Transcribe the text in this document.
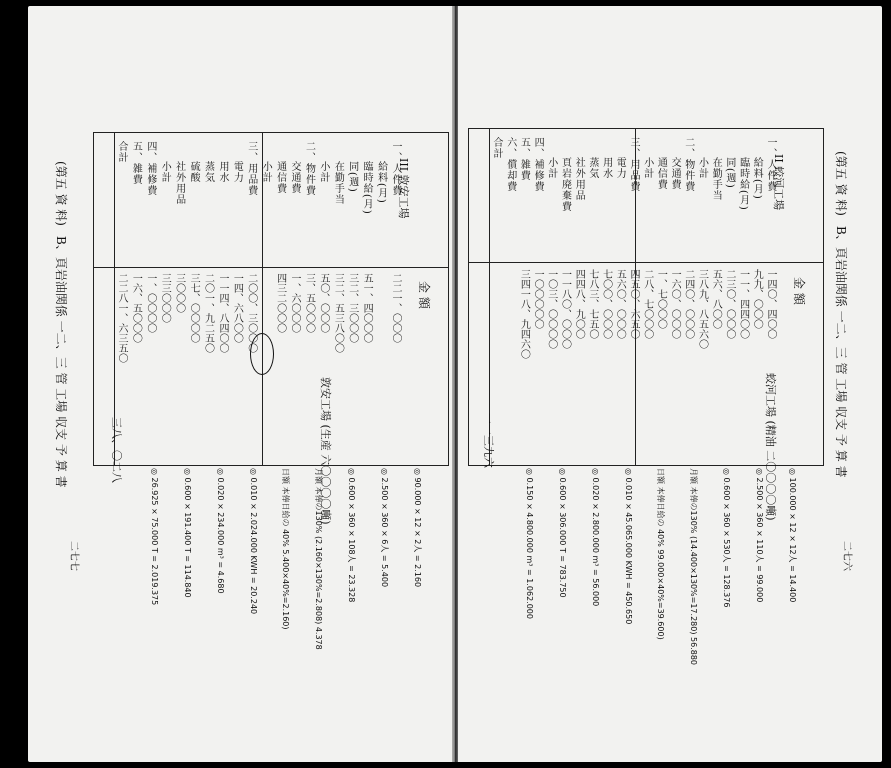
(第五 資 料)
B、頁岩油関係 一二、三 管 工場 収支 予 算 書
二七七
金 額
III 敦安工場
一、人件費
二二一、〇〇〇
給料(月)
臨時給(月)
五一、四〇〇〇
同(週)
三二、三〇〇〇
在勤手当
三二、五三八〇〇
小計
五〇、〇〇〇
二、物件費
三、五〇〇〇
交通費
一、六〇〇〇
通信費
四三二〇〇〇
小計
三、用品費
二〇〇、三〇〇〇
電力
一四、六八〇〇
用水
一一四、八四〇〇
蒸気
二〇一、九二五〇
硫酸
三七、〇〇〇〇
社外用品
三〇〇〇
小計
三三〇〇〇
四、補修費
一、〇〇〇〇
五、雑費
一六、五〇〇〇
合計
二二八一、六三五〇
敦安工場 (生産 六〇〇〇〇噸)
三八、〇二八
◎ 90.000 × 12 × 2人 = 2.160
◎ 2.500 × 360 × 6人 = 5.400
◎ 0.600 × 360 × 108人 = 23.328
月額 本俸の130% (2.160×130%=2.808) 4.378
日額 本俸日給の 40% 5.400×40%=2.160)
◎ 0.010 × 2.024.000 KWH = 20.240
◎ 0.020 × 234.000 m³ = 4.680
◎ 0.600 × 191.400 T = 114.840
◎ 26.925 × 75.000 T = 2.019.375
(第五 資 料)
B、頁岩油関係 一二、三 管 工場 収支 予 算 書
二七六
金 額
II 蛟河工場
一、人件費
一四〇、四〇〇
給料(月)
九九、〇〇〇
臨時給(月)
一一、四四〇〇
同(週)
二三〇、〇〇〇
在勤手当
五六、八〇〇
小計
三八九、八五六〇
二、物件費
二四〇、〇〇〇
交通費
一六〇、〇〇〇
通信費
一、七〇〇〇
小計
二八、七〇〇〇
三、用品費
四五〇、六五〇
電力
五六〇、〇〇〇
用水
七〇〇、〇〇〇
蒸気
七八三、七五〇
社外用品
四四八、九〇〇
頁岩廃棄費
一一八〇、〇〇〇
小計
一〇三、〇〇〇〇
四、補修費
一〇〇〇〇〇
五、雑費
三四一八、九四六〇
六、償却費
合計
蛟河工場 (精油 二〇〇〇〇噸)
一一三九六
◎ 100.000 × 12 × 12人 = 14.400
◎ 2.500 × 360 × 110人 = 99.000
◎ 0.600 × 360 × 530人 = 128.376
月額 本俸の130% (14.400×130%=17.280) 56.880
日額 本俸日給の 40% 99.000×40%=39.600)
◎ 0.010 × 45.065.000 KWH = 450.650
◎ 0.020 × 2.800.000 m³ = 56.000
◎ 0.600 × 306.000 T = 783.750
◎ 0.150 × 4.800.000 m³ = 1.062.000
